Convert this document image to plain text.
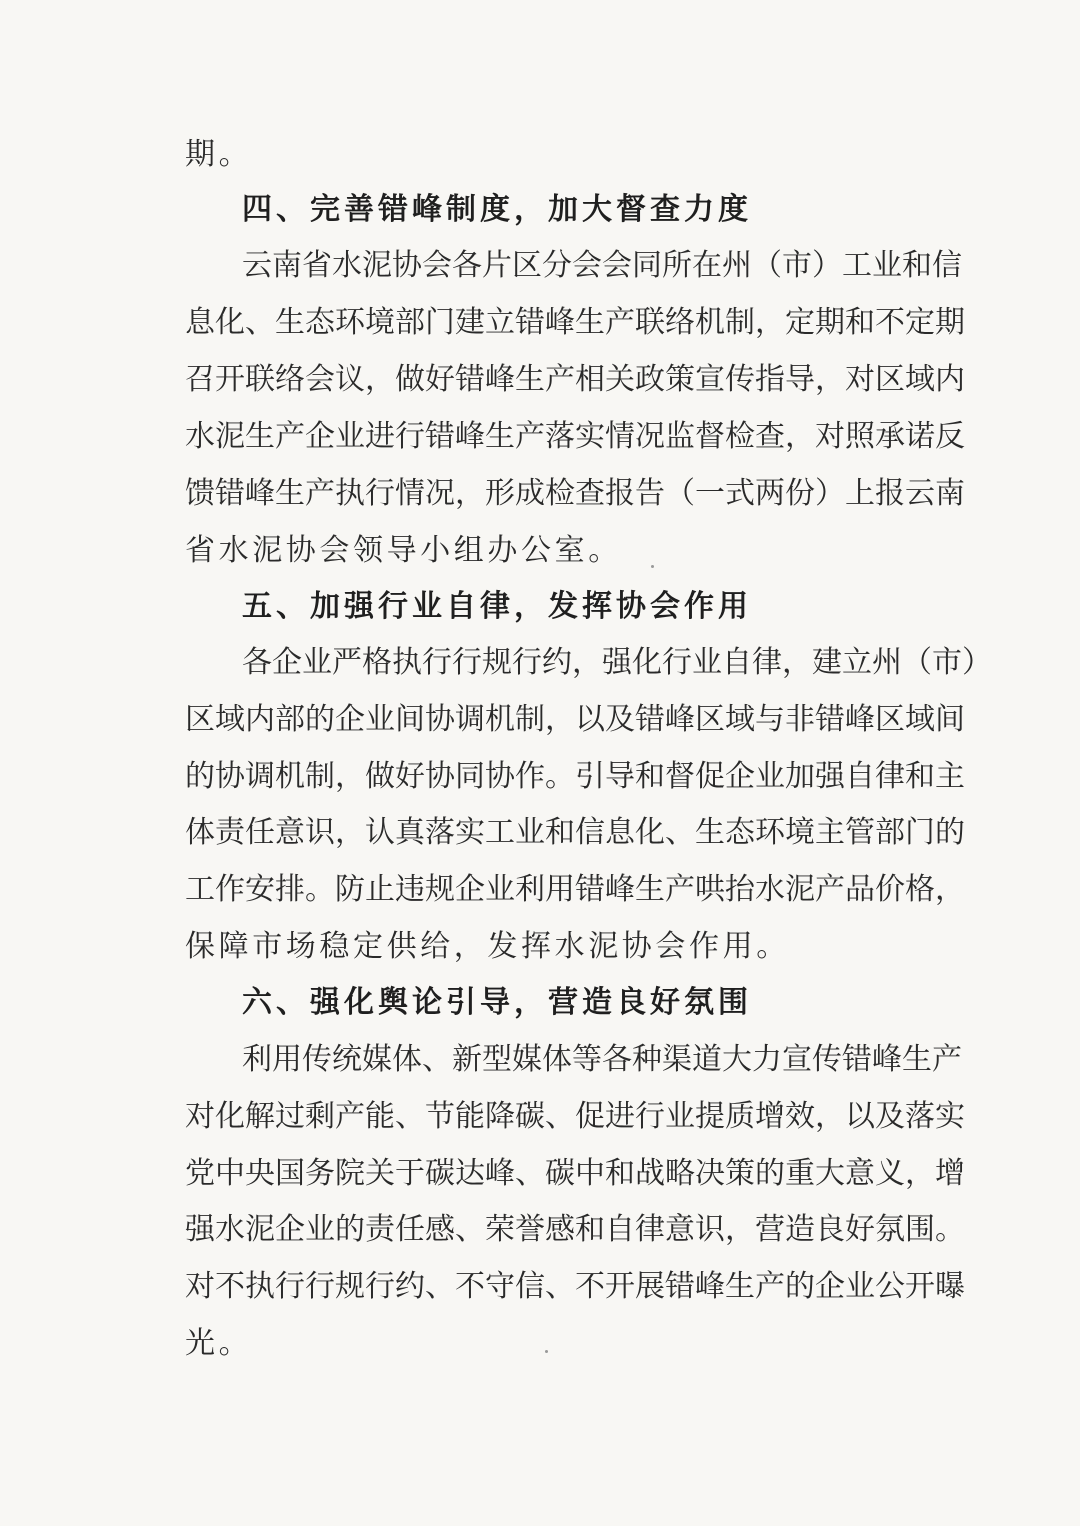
期。
四、完善错峰制度，加大督查力度
云南省水泥协会各片区分会会同所在州（市）工业和信
息化、生态环境部门建立错峰生产联络机制，定期和不定期
召开联络会议，做好错峰生产相关政策宣传指导，对区域内
水泥生产企业进行错峰生产落实情况监督检查，对照承诺反
馈错峰生产执行情况，形成检查报告（一式两份）上报云南
省水泥协会领导小组办公室。
五、加强行业自律，发挥协会作用
各企业严格执行行规行约，强化行业自律，建立州（市）
区域内部的企业间协调机制，以及错峰区域与非错峰区域间
的协调机制，做好协同协作。引导和督促企业加强自律和主
体责任意识，认真落实工业和信息化、生态环境主管部门的
工作安排。防止违规企业利用错峰生产哄抬水泥产品价格，
保障市场稳定供给，发挥水泥协会作用。
六、强化舆论引导，营造良好氛围
利用传统媒体、新型媒体等各种渠道大力宣传错峰生产
对化解过剩产能、节能降碳、促进行业提质增效，以及落实
党中央国务院关于碳达峰、碳中和战略决策的重大意义，增
强水泥企业的责任感、荣誉感和自律意识，营造良好氛围。
对不执行行规行约、不守信、不开展错峰生产的企业公开曝
光。
